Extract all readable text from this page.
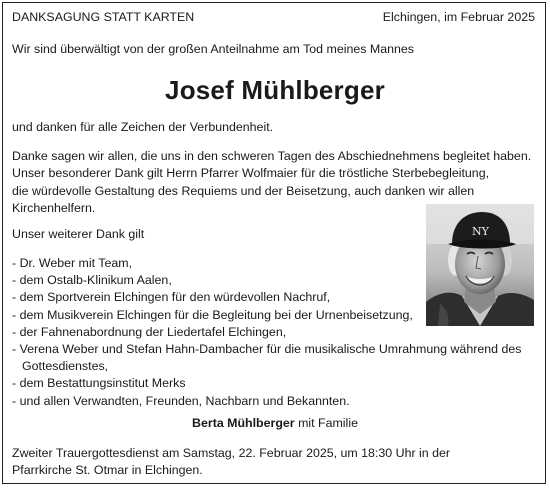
DANKSAGUNG STATT KARTEN	Elchingen, im Februar 2025
Wir sind überwältigt von der großen Anteilnahme am Tod meines Mannes
Josef Mühlberger
und danken für alle Zeichen der Verbundenheit.
Danke sagen wir allen, die uns in den schweren Tagen des Abschiednehmens begleitet haben.
Unser besonderer Dank gilt Herrn Pfarrer Wolfmaier für die tröstliche Sterbebegleitung,
die würdevolle Gestaltung des Requiems und der Beisetzung, auch danken wir allen
Kirchenhelfern.
Unser weiterer Dank gilt
- Dr. Weber mit Team,
- dem Ostalb-Klinikum Aalen,
- dem Sportverein Elchingen für den würdevollen Nachruf,
- dem Musikverein Elchingen für die Begleitung bei der Urnenbeisetzung,
- der Fahnenabordnung der Liedertafel Elchingen,
- Verena Weber und Stefan Hahn-Dambacher für die musikalische Umrahmung während des
Gottesdienstes,
- dem Bestattungsinstitut Merks
- und allen Verwandten, Freunden, Nachbarn und Bekannten.
Berta Mühlberger mit Familie
Zweiter Trauergottesdienst am Samstag, 22. Februar 2025, um 18:30 Uhr in der
Pfarrkirche St. Otmar in Elchingen.
NY
